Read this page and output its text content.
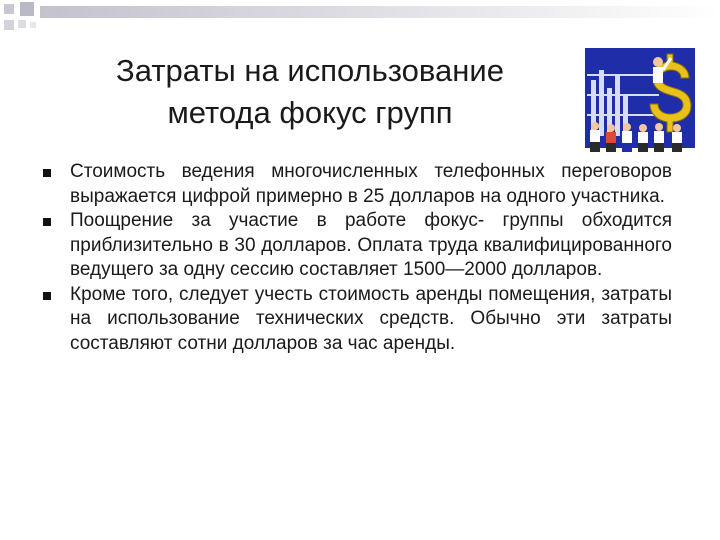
Затраты на использование
метода фокус групп
Стоимость ведения многочисленных телефонных переговоров выражается цифрой примерно в 25 долларов на одного участника.
Поощрение за участие в работе фокус- группы обходится приблизительно в 30 долларов. Оплата труда квалифицированного ведущего за одну сессию составляет 1500—2000 долларов.
Кроме того, следует учесть стоимость аренды помещения, затраты на использование технических средств. Обычно эти затраты составляют сотни долларов за час аренды.
